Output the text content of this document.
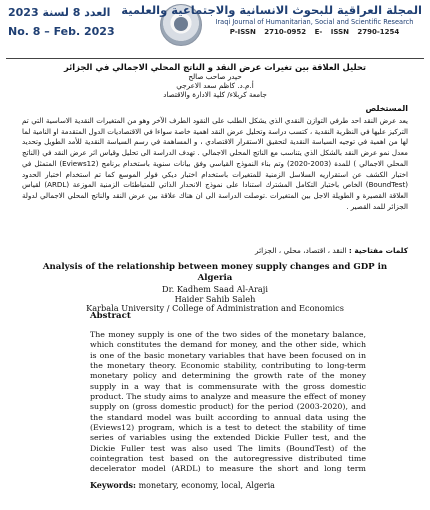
العدد 8 لسنة 2023
No. 8 – Feb. 2023
المجلة العراقية للبحوث الانسانية والاجتماعية والعلمية
Iraqi Journal of Humanitarian, Social and Scientific Research
P-ISSN 2710-0952 E- ISSN 2790-1254
تحليل العلاقة بين تغيرات عرض النقد و الناتج المحلي الاجمالي في الجزائر
حيدر صاحب صالح
أ.م.د. كاظم سعد الاعرجي
جامعة كربلاء/ كلية الادارة والاقتصاد
المستخلص
يعد عرض النقد احد طرفي التوازن النقدي الذي يشكل الطلب على النقود الطرف الآخر وهو من المتغيرات النقدية الاساسية التي تم التركيز عليها في النظرية النقدية ، كتسب دراسة وتحليل عرض النقد اهمية خاصة سواءا في الاقتصاديات الدول المتقدمة او النامية لما لها من اهمية في توجيه السياسة النقدية لتحقيق الاستقرار الاقتصادي ، و المساهمة في رسم السياسة النقدية للأمد الطويل وتحديد معدل نمو عرض النقد بالشكل الذي يتناسب مع الناتج المحلي الاجمالي . تهدف الدراسة الى تحليل وقياس اثر عرض النقد في (الناتج المحلي الاجمالي ) للمدة (2003-2020) وتم بناء النموذج القياسي وفق بيانات سنوية باستخدام برنامج (Eviews12) المتمثل في اختبار الكشف عن استقراريه السلاسل الزمنية للمتغيرات باستخدام اختبار ديكي فولر الموسع كما تم استخدام اختبار الحدود (BoundTest) الخاص باختبار التكامل المشترك استنادا على نموذج الانحدار الذاتي للمتباطئات الزمنية الموزعة (ARDL) لقياس العلاقة القصيرة و الطويلة الاجل بين المتغيرات .توصلت الدراسة الى ان هناك علاقة بين عرض النقد والناتج المحلي الاجمالي لدولة الجزائر للمد القصير .
كلمات مفتاحية : النقد ، اقتصاد، محلي ، الجزائر
Analysis of the relationship between money supply changes and GDP in Algeria
Dr. Kadhem Saad Al-Araji
Haider Sahib Saleh
Karbala University / College of Administration and Economics
Abstract
The money supply is one of the two sides of the monetary balance, which constitutes the demand for money, and the other side, which is one of the basic monetary variables that have been focused on in the monetary theory. Economic stability, contributing to long-term monetary policy and determining the growth rate of the money supply in a way that is commensurate with the gross domestic product. The study aims to analyze and measure the effect of money supply on (gross domestic product) for the period (2003-2020), and the standard model was built according to annual data using the (Eviews12) program, which is a test to detect the stability of time series of variables using the extended Dickie Fuller test, and the Dickie Fuller test was also used The limits (BoundTest) of the cointegration test based on the autoregressive distributed time decelerator model (ARDL) to measure the short and long term
Keywords: monetary, economy, local, Algeria
